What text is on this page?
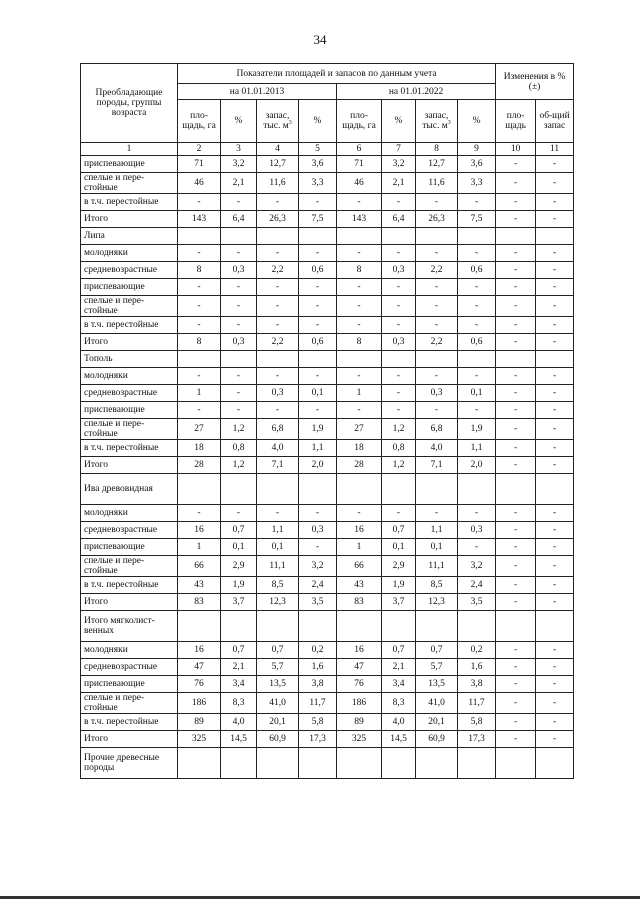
34
Преобладающие породы, группы возраста	Показатели площадей и запасов по данным учета								Изменения в % (±)	
	на 01.01.2013				на 01.01.2022					
	пло-щадь, га	%	запас, тыс. $м^3$	%	пло-щадь, га	%	запас, тыс. $м^3$	%	пло-щадь	об-щий запас
1	2	3	4	5	6	7	8	9	10	11
приспевающие	71	3,2	12,7	3,6	71	3,2	12,7	3,6	-	-
спелые и пере-стойные	46	2,1	11,6	3,3	46	2,1	11,6	3,3	-	-
в т.ч. перестойные	-	-	-	-	-	-	-	-	-	-
Итого	143	6,4	26,3	7,5	143	6,4	26,3	7,5	-	-
Липа										
молодняки	-	-	-	-	-	-	-	-	-	-
средневозрастные	8	0,3	2,2	0,6	8	0,3	2,2	0,6	-	-
приспевающие	-	-	-	-	-	-	-	-	-	-
спелые и пере-стойные	-	-	-	-	-	-	-	-	-	-
в т.ч. перестойные	-	-	-	-	-	-	-	-	-	-
Итого	8	0,3	2,2	0,6	8	0,3	2,2	0,6	-	-
Тополь										
молодняки	-	-	-	-	-	-	-	-	-	-
средневозрастные	1	-	0,3	0,1	1	-	0,3	0,1	-	-
приспевающие	-	-	-	-	-	-	-	-	-	-
спелые и пере-стойные	27	1,2	6,8	1,9	27	1,2	6,8	1,9	-	-
в т.ч. перестойные	18	0,8	4,0	1,1	18	0,8	4,0	1,1	-	-
Итого	28	1,2	7,1	2,0	28	1,2	7,1	2,0	-	-
Ива древовидная										
молодняки	-	-	-	-	-	-	-	-	-	-
средневозрастные	16	0,7	1,1	0,3	16	0,7	1,1	0,3	-	-
приспевающие	1	0,1	0,1	-	1	0,1	0,1	-	-	-
спелые и пере-стойные	66	2,9	11,1	3,2	66	2,9	11,1	3,2	-	-
в т.ч. перестойные	43	1,9	8,5	2,4	43	1,9	8,5	2,4	-	-
Итого	83	3,7	12,3	3,5	83	3,7	12,3	3,5	-	-
Итого мягколист-венных										
молодняки	16	0,7	0,7	0,2	16	0,7	0,7	0,2	-	-
средневозрастные	47	2,1	5,7	1,6	47	2,1	5,7	1,6	-	-
приспевающие	76	3,4	13,5	3,8	76	3,4	13,5	3,8	-	-
спелые и пере-стойные	186	8,3	41,0	11,7	186	8,3	41,0	11,7	-	-
в т.ч. перестойные	89	4,0	20,1	5,8	89	4,0	20,1	5,8	-	-
Итого	325	14,5	60,9	17,3	325	14,5	60,9	17,3	-	-
Прочие древесные породы										
